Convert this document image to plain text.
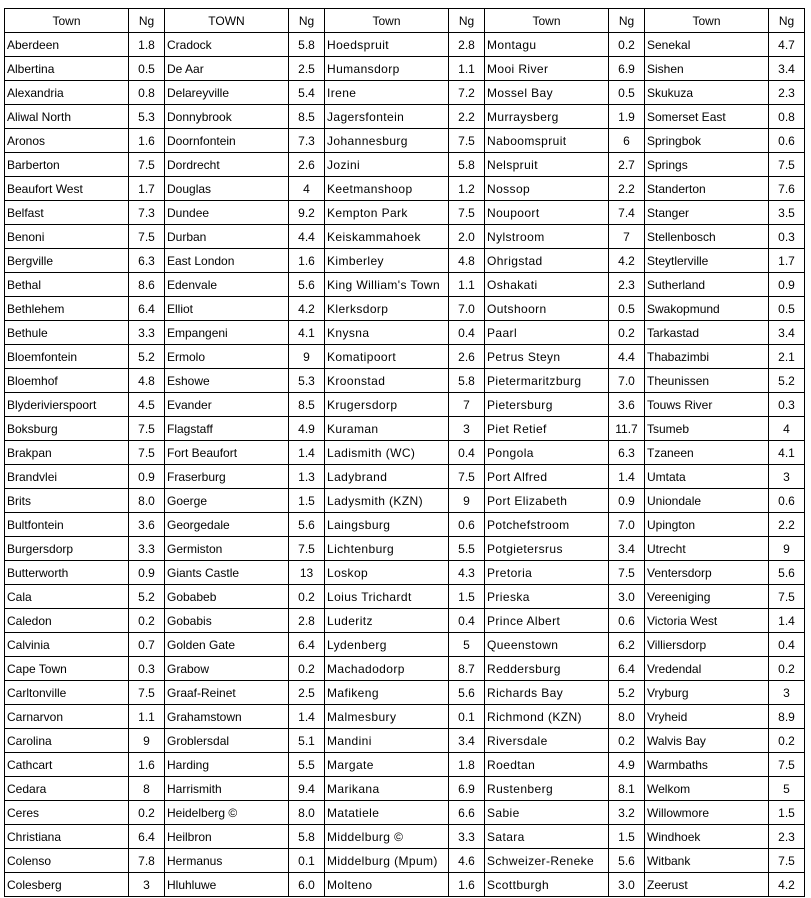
Town	Ng	TOWN	Ng	Town	Ng	Town	Ng	Town	Ng
Aberdeen	1.8	Cradock	5.8	Hoedspruit	2.8	Montagu	0.2	Senekal	4.7
Albertina	0.5	De Aar	2.5	Humansdorp	1.1	Mooi River	6.9	Sishen	3.4
Alexandria	0.8	Delareyville	5.4	Irene	7.2	Mossel Bay	0.5	Skukuza	2.3
Aliwal North	5.3	Donnybrook	8.5	Jagersfontein	2.2	Murraysberg	1.9	Somerset East	0.8
Aronos	1.6	Doornfontein	7.3	Johannesburg	7.5	Naboomspruit	6	Springbok	0.6
Barberton	7.5	Dordrecht	2.6	Jozini	5.8	Nelspruit	2.7	Springs	7.5
Beaufort West	1.7	Douglas	4	Keetmanshoop	1.2	Nossop	2.2	Standerton	7.6
Belfast	7.3	Dundee	9.2	Kempton Park	7.5	Noupoort	7.4	Stanger	3.5
Benoni	7.5	Durban	4.4	Keiskammahoek	2.0	Nylstroom	7	Stellenbosch	0.3
Bergville	6.3	East London	1.6	Kimberley	4.8	Ohrigstad	4.2	Steytlerville	1.7
Bethal	8.6	Edenvale	5.6	King William's Town	1.1	Oshakati	2.3	Sutherland	0.9
Bethlehem	6.4	Elliot	4.2	Klerksdorp	7.0	Outshoorn	0.5	Swakopmund	0.5
Bethule	3.3	Empangeni	4.1	Knysna	0.4	Paarl	0.2	Tarkastad	3.4
Bloemfontein	5.2	Ermolo	9	Komatipoort	2.6	Petrus Steyn	4.4	Thabazimbi	2.1
Bloemhof	4.8	Eshowe	5.3	Kroonstad	5.8	Pietermaritzburg	7.0	Theunissen	5.2
Blyderivierspoort	4.5	Evander	8.5	Krugersdorp	7	Pietersburg	3.6	Touws River	0.3
Boksburg	7.5	Flagstaff	4.9	Kuraman	3	Piet Retief	11.7	Tsumeb	4
Brakpan	7.5	Fort Beaufort	1.4	Ladismith (WC)	0.4	Pongola	6.3	Tzaneen	4.1
Brandvlei	0.9	Fraserburg	1.3	Ladybrand	7.5	Port Alfred	1.4	Umtata	3
Brits	8.0	Goerge	1.5	Ladysmith (KZN)	9	Port Elizabeth	0.9	Uniondale	0.6
Bultfontein	3.6	Georgedale	5.6	Laingsburg	0.6	Potchefstroom	7.0	Upington	2.2
Burgersdorp	3.3	Germiston	7.5	Lichtenburg	5.5	Potgietersrus	3.4	Utrecht	9
Butterworth	0.9	Giants Castle	13	Loskop	4.3	Pretoria	7.5	Ventersdorp	5.6
Cala	5.2	Gobabeb	0.2	Loius Trichardt	1.5	Prieska	3.0	Vereeniging	7.5
Caledon	0.2	Gobabis	2.8	Luderitz	0.4	Prince Albert	0.6	Victoria West	1.4
Calvinia	0.7	Golden Gate	6.4	Lydenberg	5	Queenstown	6.2	Villiersdorp	0.4
Cape Town	0.3	Grabow	0.2	Machadodorp	8.7	Reddersburg	6.4	Vredendal	0.2
Carltonville	7.5	Graaf-Reinet	2.5	Mafikeng	5.6	Richards Bay	5.2	Vryburg	3
Carnarvon	1.1	Grahamstown	1.4	Malmesbury	0.1	Richmond (KZN)	8.0	Vryheid	8.9
Carolina	9	Groblersdal	5.1	Mandini	3.4	Riversdale	0.2	Walvis Bay	0.2
Cathcart	1.6	Harding	5.5	Margate	1.8	Roedtan	4.9	Warmbaths	7.5
Cedara	8	Harrismith	9.4	Marikana	6.9	Rustenberg	8.1	Welkom	5
Ceres	0.2	Heidelberg ©	8.0	Matatiele	6.6	Sabie	3.2	Willowmore	1.5
Christiana	6.4	Heilbron	5.8	Middelburg ©	3.3	Satara	1.5	Windhoek	2.3
Colenso	7.8	Hermanus	0.1	Middelburg (Mpum)	4.6	Schweizer-Reneke	5.6	Witbank	7.5
Colesberg	3	Hluhluwe	6.0	Molteno	1.6	Scottburgh	3.0	Zeerust	4.2
